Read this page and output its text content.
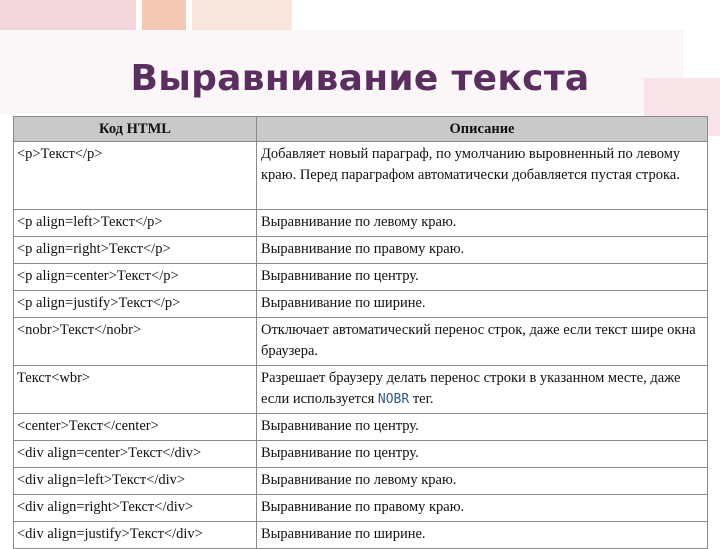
Выравнивание текста
Код HTML	Описание
<p>Текст</p>	Добавляет новый параграф, по умолчанию выровненный по левому краю. Перед параграфом автоматически добавляется пустая строка.
<p align=left>Текст</p>	Выравнивание по левому краю.
<p align=right>Текст</p>	Выравнивание по правому краю.
<p align=center>Текст</p>	Выравнивание по центру.
<p align=justify>Текст</p>	Выравнивание по ширине.
<nobr>Текст</nobr>	Отключает автоматический перенос строк, даже если текст шире окна браузера.
Текст<wbr>	Разрешает браузеру делать перенос строки в указанном месте, даже если используется NOBR тег.
<center>Текст</center>	Выравнивание по центру.
<div align=center>Текст</div>	Выравнивание по центру.
<div align=left>Текст</div>	Выравнивание по левому краю.
<div align=right>Текст</div>	Выравнивание по правому краю.
<div align=justify>Текст</div>	Выравнивание по ширине.
